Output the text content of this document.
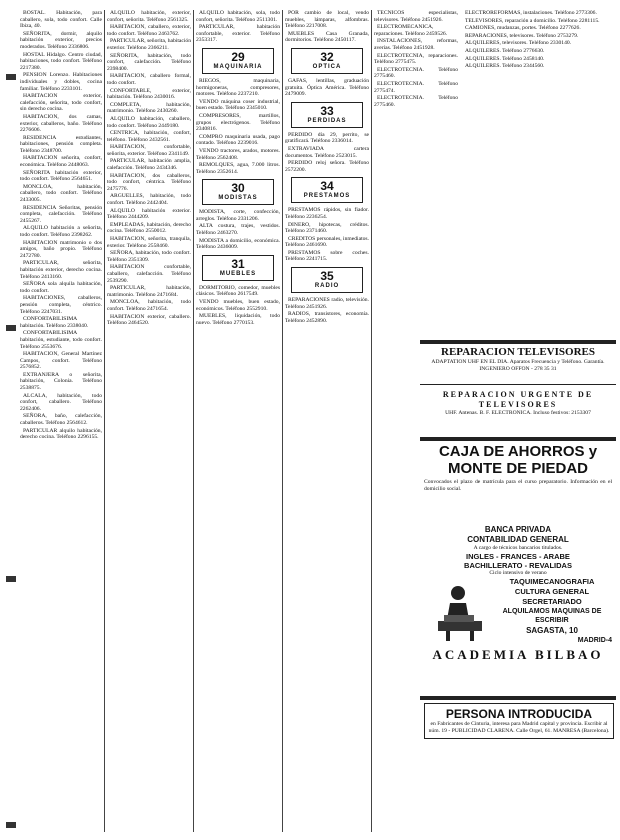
BOSTAL. Habitación, para caballero, sola, todo confort. Calle Ibiza, 40.

SEÑORITA, dormir, alquilo habitación exterior, precios moderados. Teléfono 2336806.

HOSTAL Hidalgo. Centro ciudad, habitaciones, todo confort. Teléfono 2217380.

PENSION Lorenzo. Habitaciones individuales y dobles, cocina familiar. Teléfono 2233101.

HABITACION exterior, calefacción, señorita, todo confort, sin derecho cocina.

HABITACION, dos camas, exterior, caballeros, baño. Teléfono 2276606.

RESIDENCIA estudiantes, habitaciones, pensión completa. Teléfono 2348700.

HABITACION señorita, confort, económica. Teléfono 2448063.

SEÑORITA habitación exterior, todo confort. Teléfono 2564651.

MONCLOA, habitación, caballero, todo confort. Teléfono 2433005.

RESIDENCIA Señoritas, pensión completa, calefacción. Teléfono 2455267.

ALQUILO habitación a señorita, todo confort. Teléfono 2398262.

HABITACION matrimonio o dos amigos, baño propio. Teléfono 2472780.

PARTICULAR, señorita, habitación exterior, derecho cocina. Teléfono 2413160.

SEÑORA sola alquila habitación, todo confort.

HABITACIONES, caballeros, pensión completa, céntrico. Teléfono 2247031.

CONFORTABILISIMA habitación. Teléfono 2338040.

CONFORTABILISIMA habitación, estudiante, todo confort. Teléfono 2553676.

HABITACION, General Martínez Campos, confort. Teléfono 2576852.

EXTRANJERA o señorita, habitación, Colonia. Teléfono 2538875.

ALCALA, habitación, todo confort, caballero. Teléfono 2262406.

SEÑORA, baño, calefacción, caballeros. Teléfono 2564612.

PARTICULAR alquilo habitación, derecho cocina. Teléfono 2296155.

ALQUILO habitación, exterior, confort, señorita. Teléfono 2561325.

HABITACION, caballero, exterior, todo confort. Teléfono 2463762.

PARTICULAR, señorita, habitación exterior. Teléfono 2366211.

SEÑORITA, habitación, todo confort, calefacción. Teléfono 2398400.

HABITACION, caballero formal, todo confort.

CONFORTABLE, exterior, habitación. Teléfono 2430016.

COMPLETA, habitación, matrimonio. Teléfono 2430260.

ALQUILO habitación, caballero, todo confort. Teléfono 2449180.

CENTRICA, habitación, confort, teléfono. Teléfono 2432561.

HABITACION, confortable, señorita, exterior. Teléfono 2341149.

PARTICULAR, habitación amplia, calefacción. Teléfono 2434346.

HABITACION, dos caballeros, todo confort, céntrica. Teléfono 2475776.

ARGUELLES, habitación, todo confort. Teléfono 2442404.

ALQUILO habitación exterior. Teléfono 2444209.

EMPLEADAS, habitación, derecho cocina. Teléfono 2550012.

HABITACION, señorita, tranquila, exterior. Teléfono 2558460.

SEÑORA, habitación, todo confort. Teléfono 2351309.

HABITACION confortable, caballero, calefacción. Teléfono 2539290.

PARTICULAR, habitación, matrimonio. Teléfono 2471684.

MONCLOA, habitación, todo confort. Teléfono 2471654.

HABITACION exterior, caballero. Teléfono 2464520.

ALQUILO habitación, sola, todo confort, señorita. Teléfono 2511301.

PARTICULAR, habitación confortable, exterior. Teléfono 2353317.

29
MAQUINARIA

RIEGOS, maquinaria, hormigoneras, compresores, motores. Teléfono 2237210.

VENDO máquina coser industrial, buen estado. Teléfono 2345010.

COMPRESORES, martillos, grupos electrógenos. Teléfono 2340816.

COMPRO maquinaria usada, pago contado. Teléfono 2239016.

VENDO tractores, arados, motores. Teléfono 2562408.

REMOLQUES, agua, 7.000 litros. Teléfono 2352614.

30
MODISTAS

MODISTA, corte, confección, arreglos. Teléfono 2331206.

ALTA costura, trajes, vestidos. Teléfono 2463270.

MODISTA a domicilio, económica. Teléfono 2436009.

31
MUEBLES

DORMITORIO, comedor, muebles clásicos. Teléfono 2617549.

VENDO muebles, buen estado, económicos. Teléfono 2552910.

MUEBLES, liquidación, todo nuevo. Teléfono 2770153.

POR cambio de local, vendo muebles, lámparas, alfombras. Teléfono 2217008.

MUEBLES Casa Granada, dormitorios. Teléfono 2450117.

32
OPTICA

GAFAS, lentillas, graduación gratuita. Óptica América. Teléfono 2479009.

33
PERDIDAS

PERDIDO día 29, perrito, se gratificará. Teléfono 2336014.

EXTRAVIADA cartera documentos. Teléfono 2523015.

PERDIDO reloj señora. Teléfono 2572200.

34
PRESTAMOS

PRESTAMOS rápidos, sin fiador. Teléfono 2236254.

DINERO, hipotecas, créditos. Teléfono 2371460.

CREDITOS personales, inmediatos. Teléfono 2461690.

PRESTAMOS sobre coches. Teléfono 2241715.

35
RADIO

REPARACIONES radio, televisión. Teléfono 2451926.

RADIOS, transistores, economía. Teléfono 2452890.

TECNICOS especialistas, televisores. Teléfono 2451926.

ELECTROMECANICA, reparaciones. Teléfono 2459526.

INSTALACIONES, reformas, averías. Teléfono 2451928.

ELECTROTECNIA, reparaciones. Teléfono 2775475.

ELECTROTECNIA. Teléfono 2775460.

ELECTROTECNIA. Teléfono 2775474.

ELECTROTECNIA. Teléfono 2775460.

ELECTROREFORMAS, instalaciones. Teléfono 2773306.

TELEVISORES, reparación a domicilio. Teléfono 2281115.

CAMIONES, mudanzas, portes. Teléfono 2277626.

REPARACIONES, televisores. Teléfono 2753279.

ALQUILERES, televisores. Teléfono 2330140.

ALQUILERES. Teléfono 2776630.

ALQUILERES. Teléfono 2458140.

ALQUILERES. Teléfono 2344560.

REPARACION TELEVISORES
ADAPTATION UHF EN EL DIA. Aparatos Frecuencia y Teléfono. Garantía. INGENIERO OFFON - 278 35 31
REPARACION URGENTE DE TELEVISORES
UHF. Antenas. B. F. ELECTRONICA. Incluso festivos: 2153307
CAJA DE AHORROS y
MONTE DE PIEDAD
Convocados el plazo de matrícula para el curso preparatorio. Información en el domicilio social.
BANCA PRIVADA
CONTABILIDAD GENERAL
A cargo de técnicos bancarios titulados.
INGLES - FRANCES - ARABE
BACHILLERATO - REVALIDAS
Ciclo intensivo de verano
TAQUIMECANOGRAFIA
CULTURA GENERAL
SECRETARIADO
ALQUILAMOS MAQUINAS DE ESCRIBIR
SAGASTA, 10
MADRID-4
ACADEMIA BILBAO
PERSONA INTRODUCIDA
en Fabricantes de Cinturia, interesa para Madrid capital y provincia. Escribir al núm. 19 - PUBLICIDAD CLARENA. Calle Orgel, 61. MANRESA (Barcelona).
